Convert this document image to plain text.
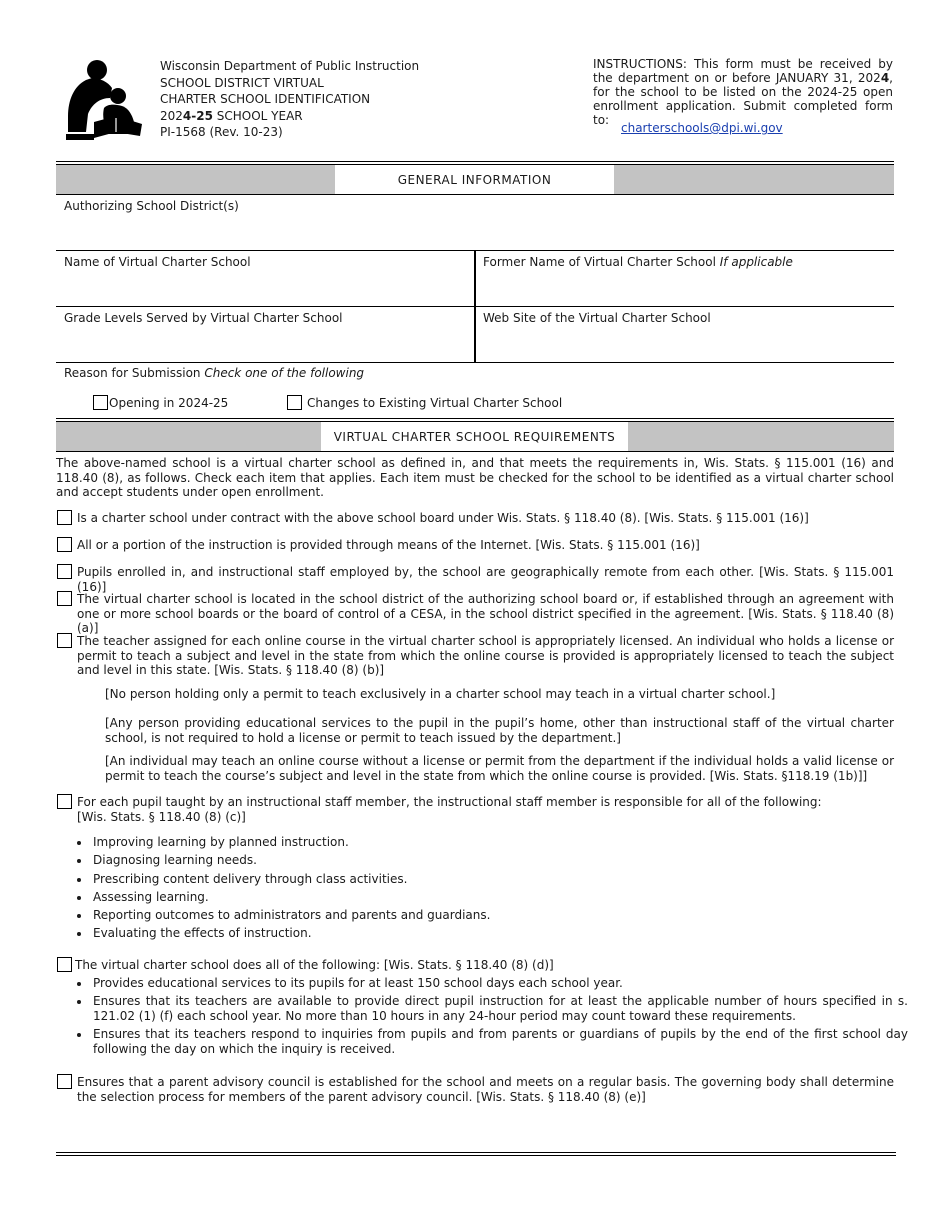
Wisconsin Department of Public Instruction
SCHOOL DISTRICT VIRTUAL
CHARTER SCHOOL IDENTIFICATION
2024-25 SCHOOL YEAR
PI-1568 (Rev. 10-23)
INSTRUCTIONS: This form must be received by the department on or before JANUARY 31, 2024, for the school to be listed on the 2024-25 open enrollment application. Submit completed form to:
charterschools@dpi.wi.gov
GENERAL INFORMATION
Authorizing School District(s)
Name of Virtual Charter School	Former Name of Virtual Charter School If applicable
Grade Levels Served by Virtual Charter School	Web Site of the Virtual Charter School
Reason for Submission Check one of the following
Opening in 2024-25	Changes to Existing Virtual Charter School
VIRTUAL CHARTER SCHOOL REQUIREMENTS
The above-named school is a virtual charter school as defined in, and that meets the requirements in, Wis. Stats. § 115.001 (16) and 118.40 (8), as follows. Check each item that applies. Each item must be checked for the school to be identified as a virtual charter school and accept students under open enrollment.
Is a charter school under contract with the above school board under Wis. Stats. § 118.40 (8). [Wis. Stats. § 115.001 (16)]
All or a portion of the instruction is provided through means of the Internet. [Wis. Stats. § 115.001 (16)]
Pupils enrolled in, and instructional staff employed by, the school are geographically remote from each other. [Wis. Stats. § 115.001 (16)]
The virtual charter school is located in the school district of the authorizing school board or, if established through an agreement with one or more school boards or the board of control of a CESA, in the school district specified in the agreement. [Wis. Stats. § 118.40 (8) (a)]
The teacher assigned for each online course in the virtual charter school is appropriately licensed. An individual who holds a license or permit to teach a subject and level in the state from which the online course is provided is appropriately licensed to teach the subject and level in this state. [Wis. Stats. § 118.40 (8) (b)]
[No person holding only a permit to teach exclusively in a charter school may teach in a virtual charter school.]
[Any person providing educational services to the pupil in the pupil’s home, other than instructional staff of the virtual charter school, is not required to hold a license or permit to teach issued by the department.]
[An individual may teach an online course without a license or permit from the department if the individual holds a valid license or permit to teach the course’s subject and level in the state from which the online course is provided. [Wis. Stats. §118.19 (1b)]]
For each pupil taught by an instructional staff member, the instructional staff member is responsible for all of the following:
[Wis. Stats. § 118.40 (8) (c)]
• Improving learning by planned instruction.
• Diagnosing learning needs.
• Prescribing content delivery through class activities.
• Assessing learning.
• Reporting outcomes to administrators and parents and guardians.
• Evaluating the effects of instruction.
The virtual charter school does all of the following: [Wis. Stats. § 118.40 (8) (d)]
• Provides educational services to its pupils for at least 150 school days each school year.
• Ensures that its teachers are available to provide direct pupil instruction for at least the applicable number of hours specified in s. 121.02 (1) (f) each school year. No more than 10 hours in any 24-hour period may count toward these requirements.
• Ensures that its teachers respond to inquiries from pupils and from parents or guardians of pupils by the end of the first school day following the day on which the inquiry is received.
Ensures that a parent advisory council is established for the school and meets on a regular basis. The governing body shall determine the selection process for members of the parent advisory council. [Wis. Stats. § 118.40 (8) (e)]
